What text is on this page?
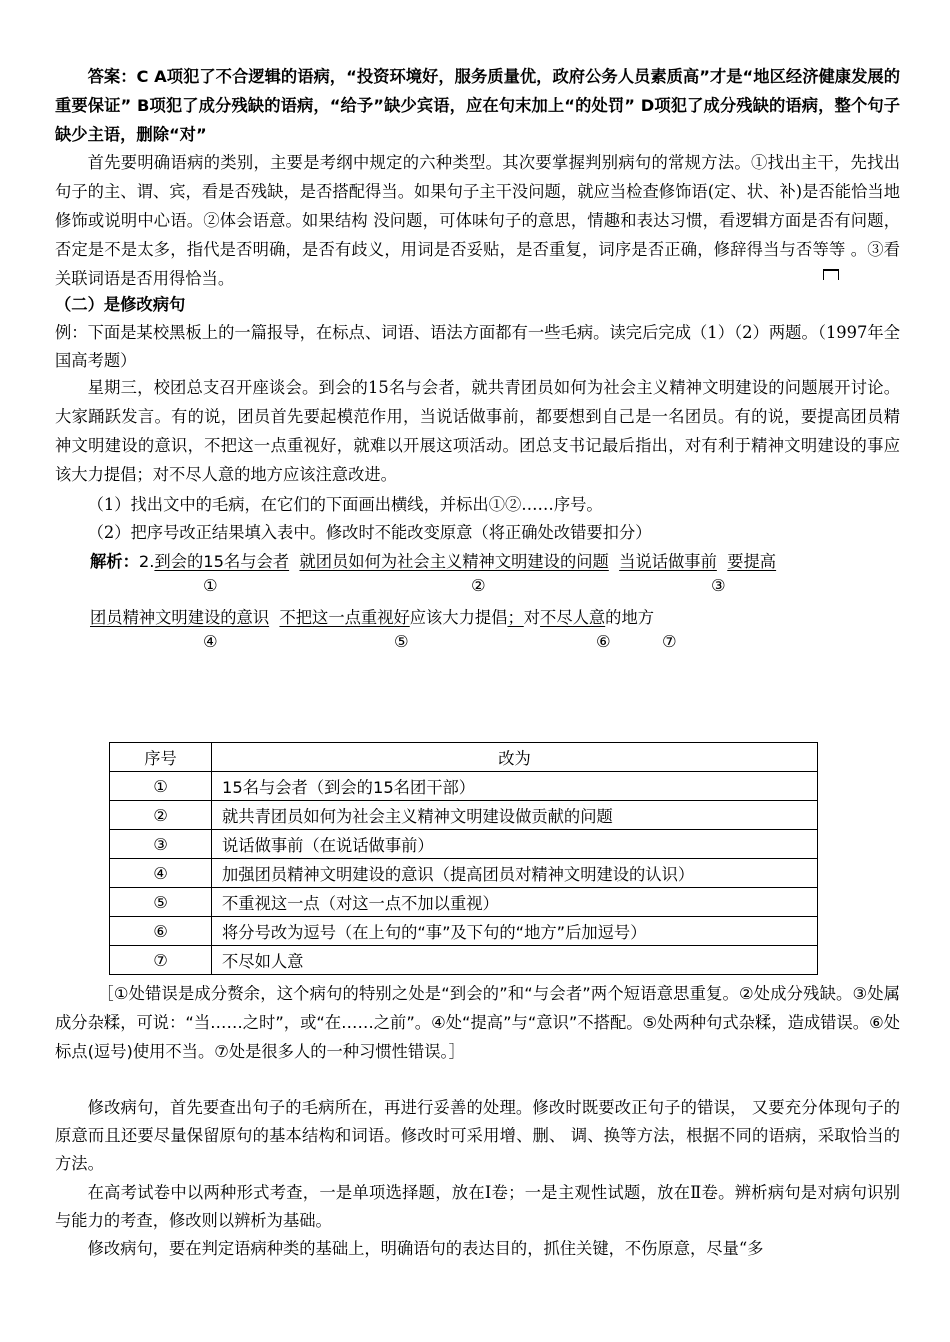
答案：C A项犯了不合逻辑的语病，“投资环境好，服务质量优，政府公务人员素质高”才是“地区经济健康发展的重要保证” B项犯了成分残缺的语病，“给予”缺少宾语，应在句末加上“的处罚” D项犯了成分残缺的语病，整个句子缺少主语，删除“对”

首先要明确语病的类别，主要是考纲中规定的六种类型。其次要掌握判别病句的常规方法。①找出主干，先找出句子的主、谓、宾，看是否残缺，是否搭配得当。如果句子主干没问题，就应当检查修饰语(定、状、补)是否能恰当地修饰或说明中心语。②体会语意。如果结构 没问题，可体味句子的意思，情趣和表达习惯，看逻辑方面是否有问题，否定是不是太多，指代是否明确，是否有歧义，用词是否妥贴，是否重复，词序是否正确，修辞得当与否等等 。③看关联词语是否用得恰当。

（二）是修改病句

例：下面是某校黑板上的一篇报导，在标点、词语、语法方面都有一些毛病。读完后完成（1）（2）两题。（1997年全国高考题）

星期三，校团总支召开座谈会。到会的15名与会者，就共青团员如何为社会主义精神文明建设的问题展开讨论。大家踊跃发言。有的说，团员首先要起模范作用，当说话做事前，都要想到自己是一名团员。有的说，要提高团员精神文明建设的意识，不把这一点重视好，就难以开展这项活动。团总支书记最后指出，对有利于精神文明建设的事应该大力提倡；对不尽人意的地方应该注意改进。

（1）找出文中的毛病，在它们的下面画出横线，并标出①②……序号。

（2）把序号改正结果填入表中。修改时不能改变原意（将正确处改错要扣分）

解析：2.到会的15名与会者 就团员如何为社会主义精神文明建设的问题 当说话做事前 要提高
①	②	③
团员精神文明建设的意识 不把这一点重视好应该大力提倡；对不尽人意的地方
④	⑤	⑥	⑦
序号	改为
①	15名与会者（到会的15名团干部）
②	就共青团员如何为社会主义精神文明建设做贡献的问题
③	说话做事前（在说话做事前）
④	加强团员精神文明建设的意识（提高团员对精神文明建设的认识）
⑤	不重视这一点（对这一点不加以重视）
⑥	将分号改为逗号（在上句的“事”及下句的“地方”后加逗号）
⑦	不尽如人意

［①处错误是成分赘余，这个病句的特别之处是“到会的”和“与会者”两个短语意思重复。②处成分残缺。③处属成分杂糅，可说：“当……之时”，或“在……之前”。④处“提高”与“意识”不搭配。⑤处两种句式杂糅，造成错误。⑥处标点(逗号)使用不当。⑦处是很多人的一种习惯性错误。］

修改病句，首先要查出句子的毛病所在，再进行妥善的处理。修改时既要改正句子的错误， 又要充分体现句子的原意而且还要尽量保留原句的基本结构和词语。修改时可采用增、删、 调、换等方法，根据不同的语病，采取恰当的方法。

在高考试卷中以两种形式考查，一是单项选择题，放在Ⅰ卷；一是主观性试题，放在Ⅱ卷。辨析病句是对病句识别与能力的考查，修改则以辨析为基础。

修改病句，要在判定语病种类的基础上，明确语句的表达目的，抓住关键，不伤原意，尽量“多
